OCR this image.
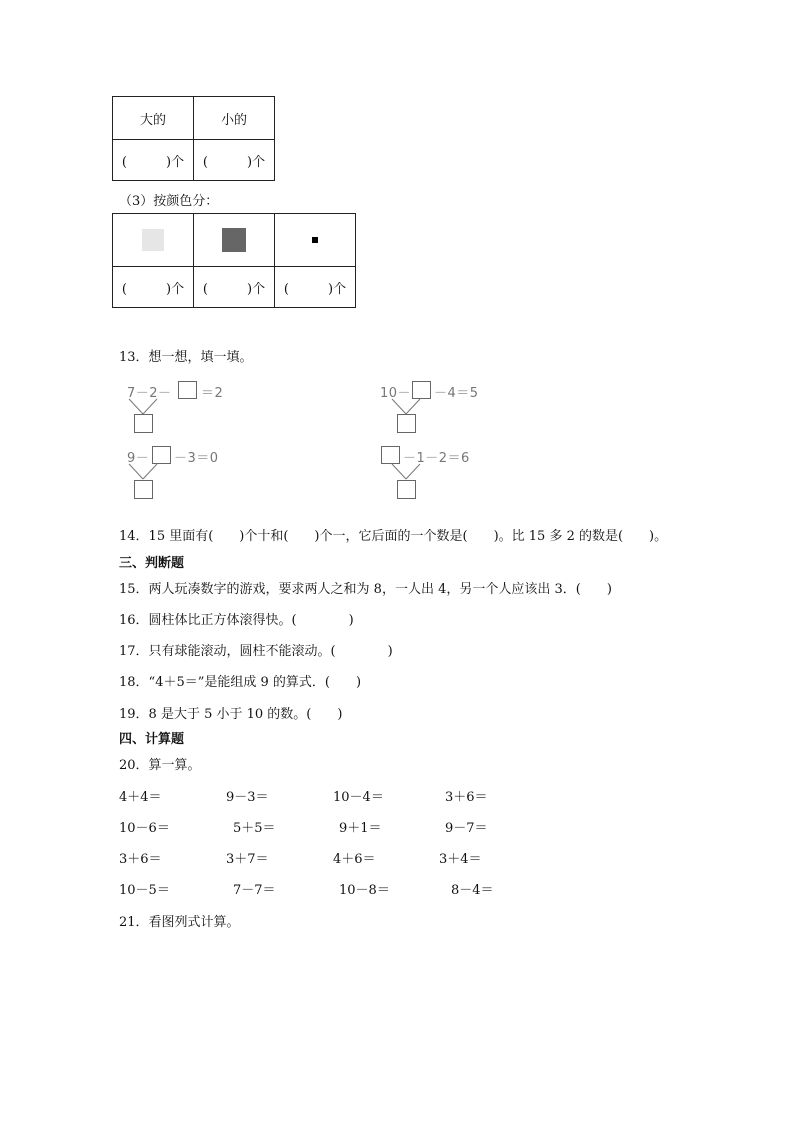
大的	小的
(　　　)个	(　　　)个
（3）按颜色分：

(　　　)个	(　　　)个	(　　　)个
13．想一想，填一填。
7－2－ ＝2	10－ －4＝5
9－ －3＝0	－1－2＝6
14．15 里面有(　　)个十和(　　)个一，它后面的一个数是(　　)。比 15 多 2 的数是(　　)。
三、判断题
15．两人玩凑数字的游戏，要求两人之和为 8，一人出 4，另一个人应该出 3．(　　)
16．圆柱体比正方体滚得快。(　　　　)
17．只有球能滚动，圆柱不能滚动。(　　　　)
18．“4＋5＝”是能组成 9 的算式．(　　)
19．8 是大于 5 小于 10 的数。(　　)
四、计算题
20．算一算。
4＋4＝	9－3＝	10－4＝	3＋6＝
10－6＝	5＋5＝	9＋1＝	9－7＝
3＋6＝	3＋7＝	4＋6＝	3＋4＝
10－5＝	7－7＝	10－8＝	8－4＝
21．看图列式计算。
